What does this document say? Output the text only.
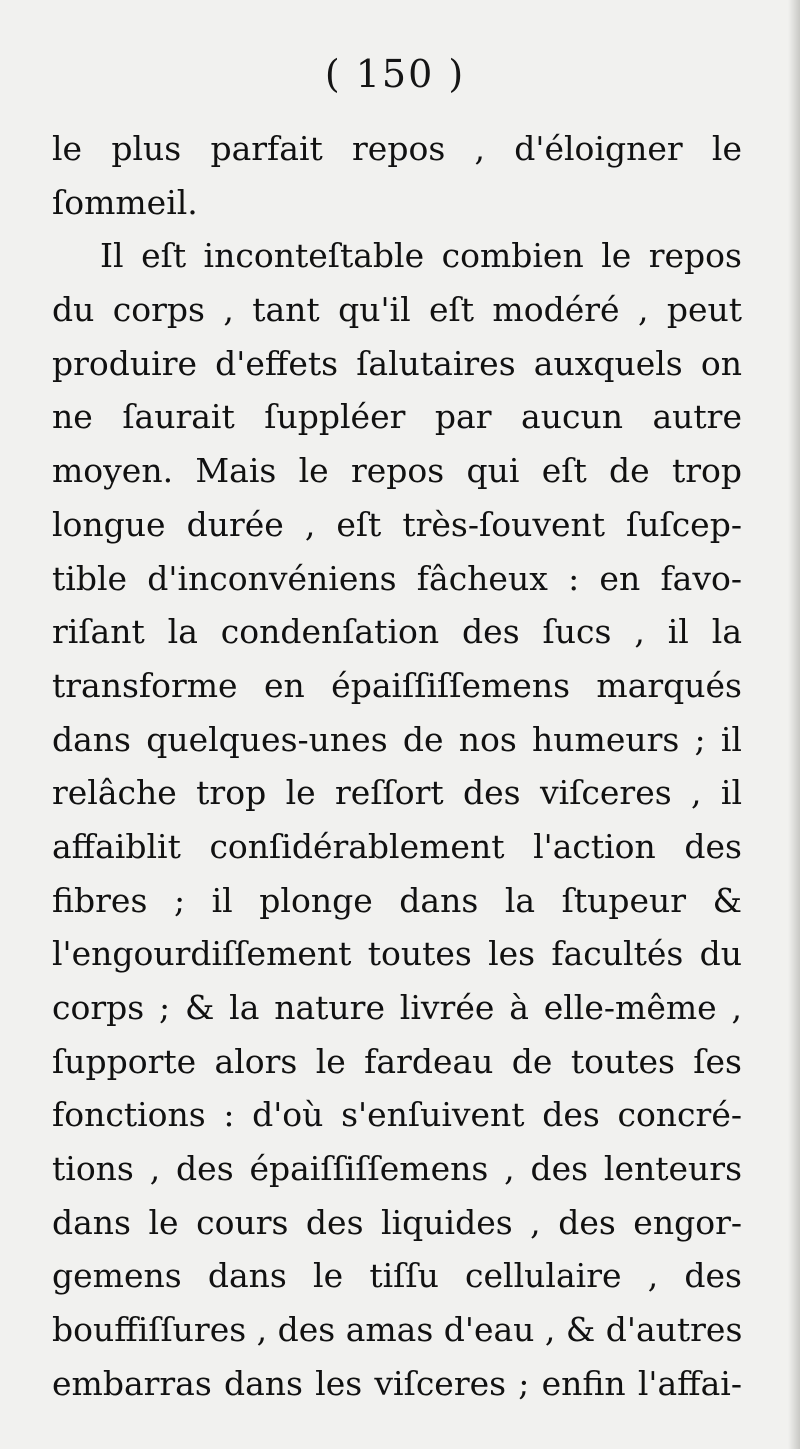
( 150 )
le plus parfait repos , d'éloigner le
ſommeil.
Il eſt inconteſtable combien le repos
du corps , tant qu'il eſt modéré , peut
produire d'effets ſalutaires auxquels on
ne ſaurait ſuppléer par aucun autre
moyen. Mais le repos qui eſt de trop
longue durée , eſt très-ſouvent ſuſcep-
tible d'inconvéniens fâcheux : en favo-
riſant la condenſation des ſucs , il la
transforme en épaiſſiſſemens marqués
dans quelques-unes de nos humeurs ; il
relâche trop le reſſort des viſceres , il
affaiblit conſidérablement l'action des
fibres ; il plonge dans la ſtupeur &
l'engourdiſſement toutes les facultés du
corps ; & la nature livrée à elle-même ,
ſupporte alors le fardeau de toutes ſes
fonctions : d'où s'enſuivent des concré-
tions , des épaiſſiſſemens , des lenteurs
dans le cours des liquides , des engor-
gemens dans le tiſſu cellulaire , des
bouffiſſures , des amas d'eau , & d'autres
embarras dans les viſceres ; enfin l'affai-
